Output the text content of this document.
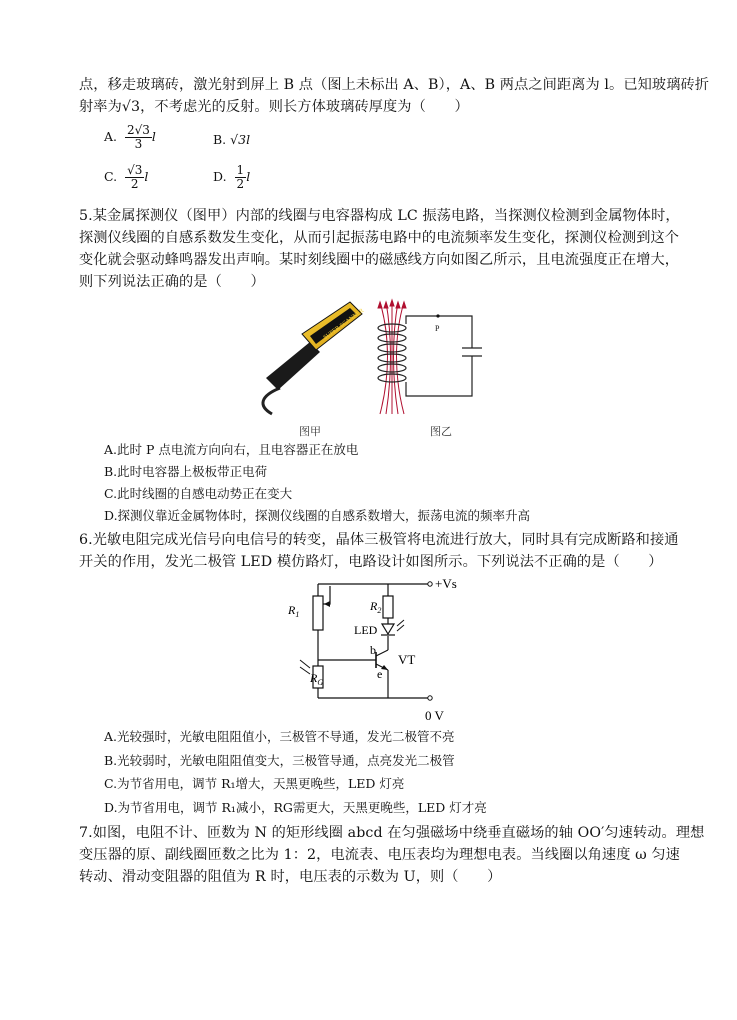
点，移走玻璃砖，激光射到屏上 B 点（图上未标出 A、B），A、B 两点之间距离为 l。已知玻璃砖折
射率为√3，不考虑光的反射。则长方体玻璃砖厚度为（　　）
A. $\frac{2√3}{3}$ l	B. √3l
C. $\frac{√3}{2}$ l	D. $\frac{1}{2}$ l
5.某金属探测仪（图甲）内部的线圈与电容器构成 LC 振荡电路，当探测仪检测到金属物体时，
探测仪线圈的自感系数发生变化，从而引起振荡电路中的电流频率发生变化，探测仪检测到这个
变化就会驱动蜂鸣器发出声响。某时刻线圈中的磁感线方向如图乙所示，且电流强度正在增大，
则下列说法正确的是（　　）
SUPER SCANNER
图甲
P
图乙
A.此时 P 点电流方向向右，且电容器正在放电
B.此时电容器上极板带正电荷
C.此时线圈的自感电动势正在变大
D.探测仪靠近金属物体时，探测仪线圈的自感系数增大，振荡电流的频率升高
6.光敏电阻完成光信号向电信号的转变，晶体三极管将电流进行放大，同时具有完成断路和接通
开关的作用，发光二极管 LED 模仿路灯，电路设计如图所示。下列说法不正确的是（　　）
+Vs
$R_1$
$R_2$
LED
b
VT
e
$R_G$
0 V
A.光较强时，光敏电阻阻值小，三极管不导通，发光二极管不亮
B.光较弱时，光敏电阻阻值变大，三极管导通，点亮发光二极管
C.为节省用电，调节 R₁增大，天黑更晚些，LED 灯亮
D.为节省用电，调节 R₁减小，RG需更大，天黑更晚些，LED 灯才亮
7.如图，电阻不计、匝数为 N 的矩形线圈 abcd 在匀强磁场中绕垂直磁场的轴 OO′匀速转动。理想
变压器的原、副线圈匝数之比为 1：2，电流表、电压表均为理想电表。当线圈以角速度 ω 匀速
转动、滑动变阻器的阻值为 R 时，电压表的示数为 U，则（　　）
